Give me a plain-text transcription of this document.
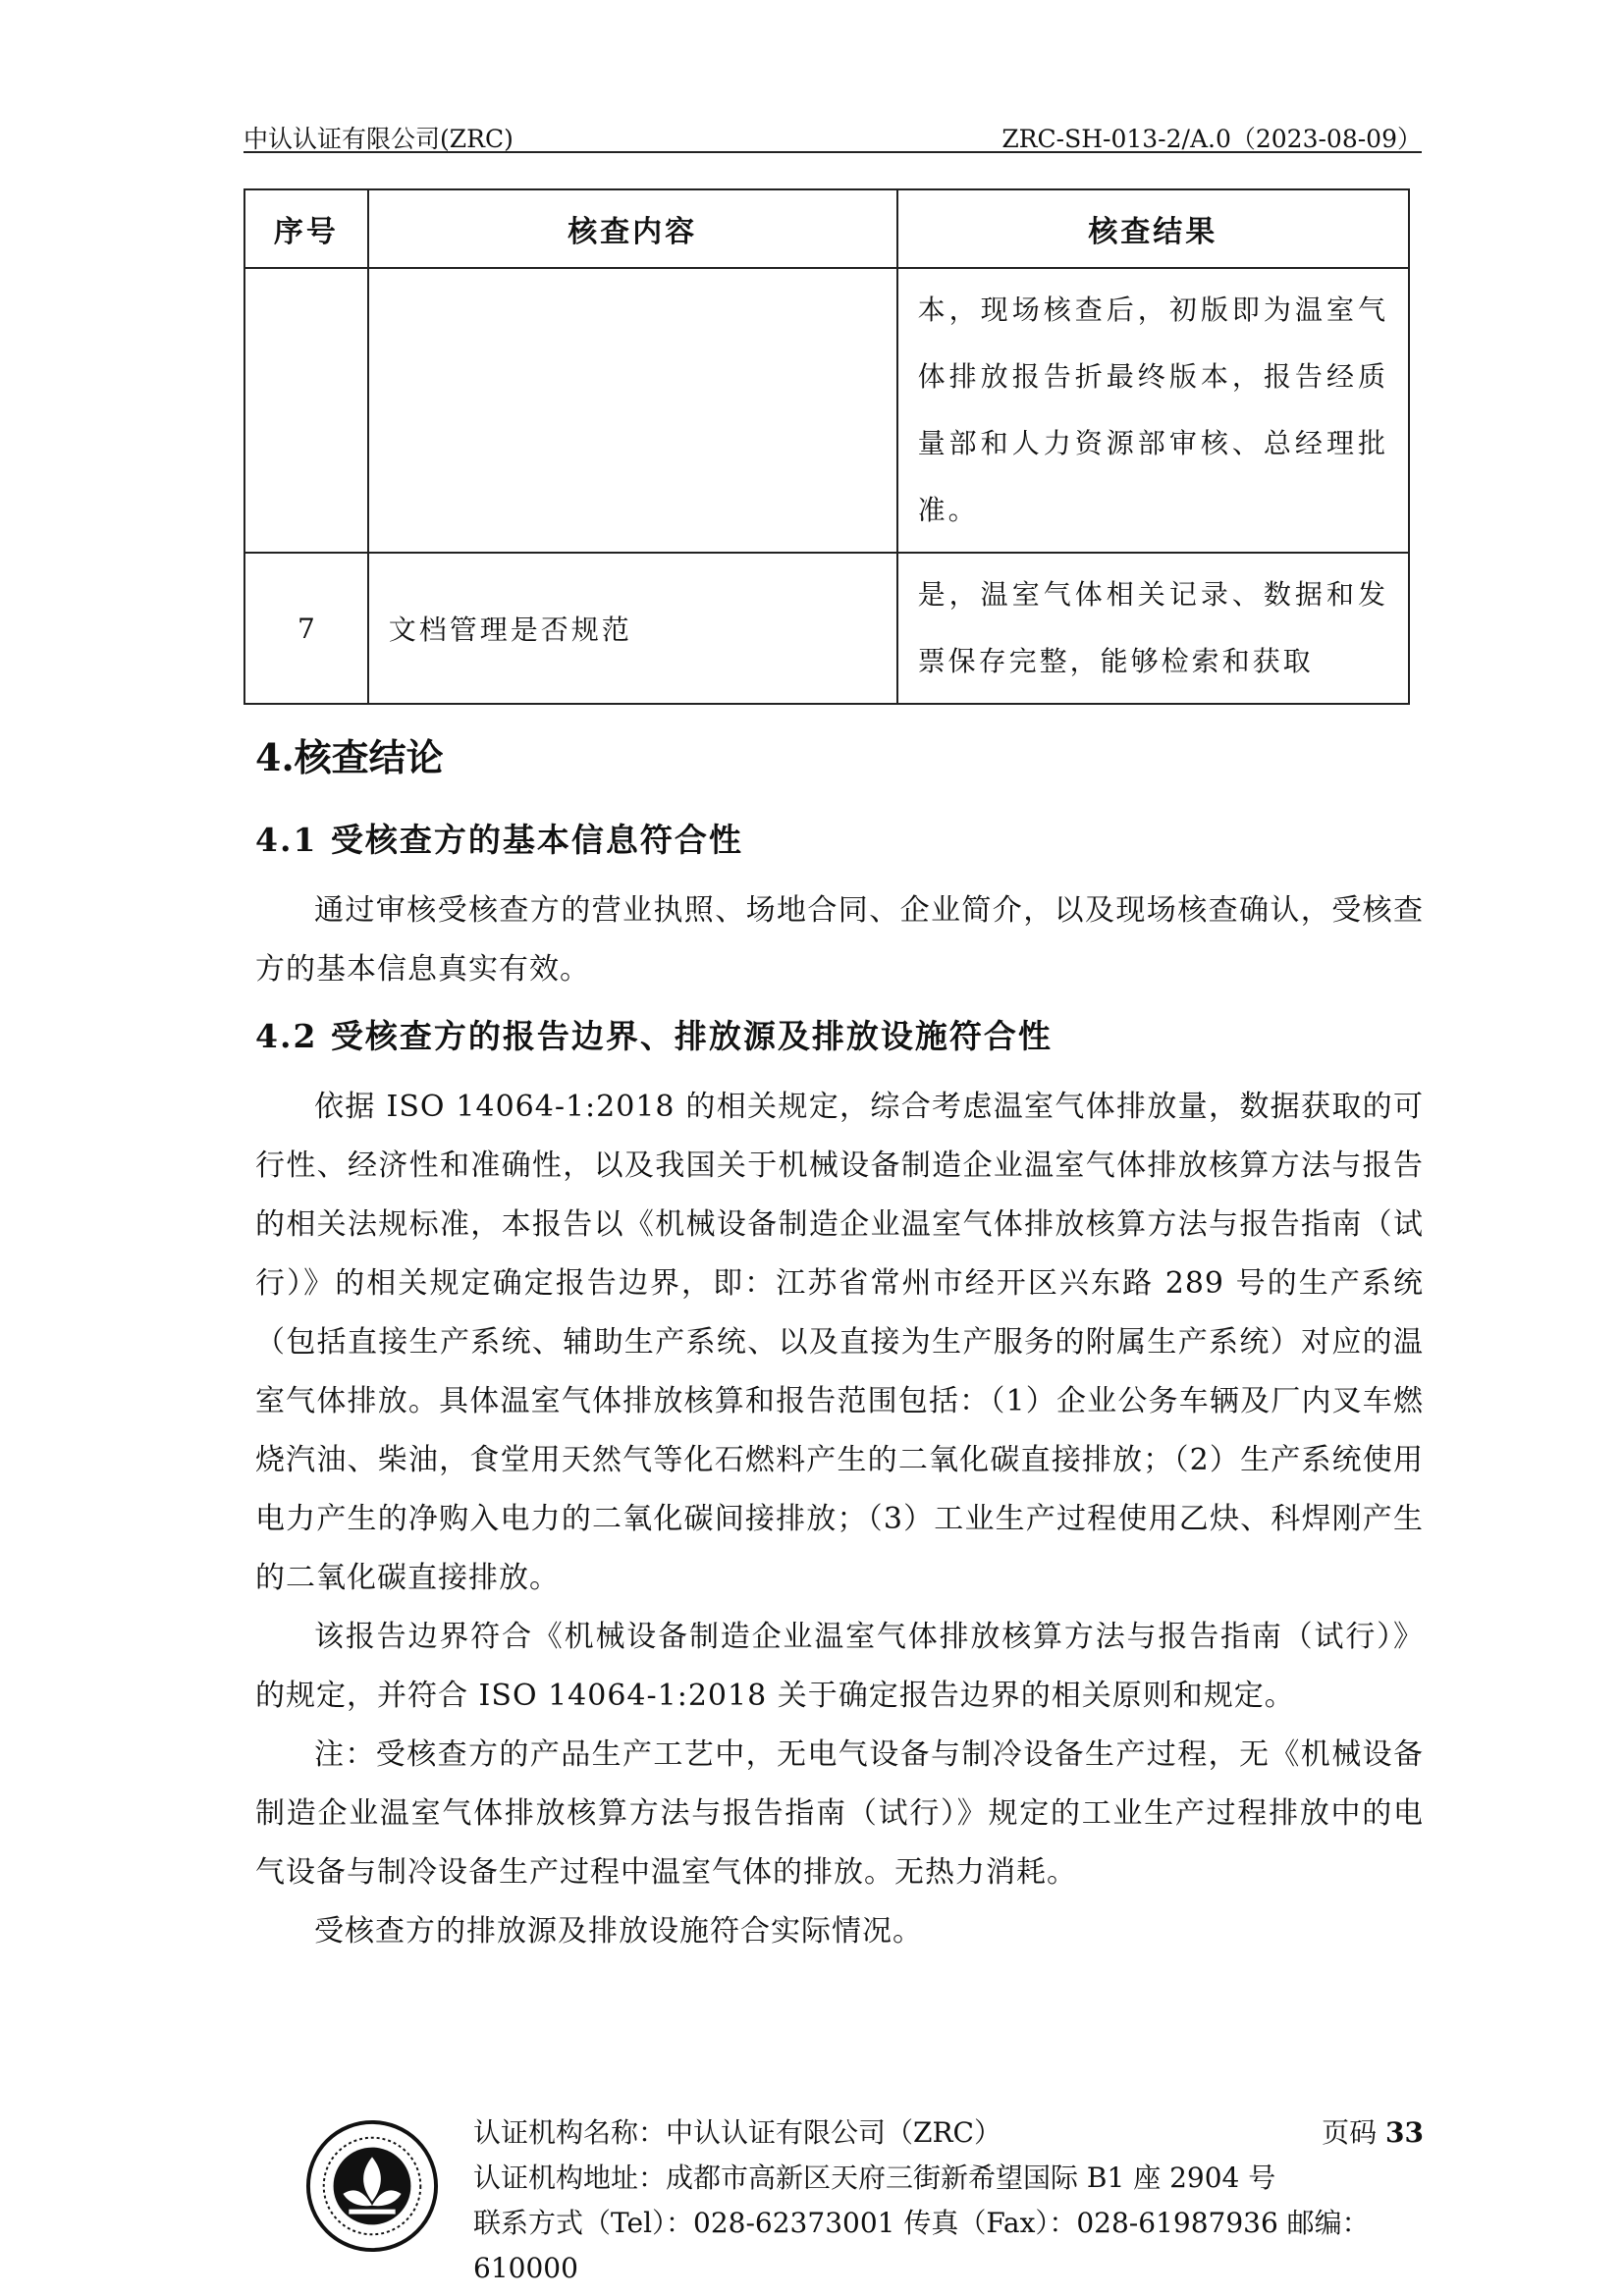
中认认证有限公司(ZRC)	ZRC-SH-013-2/A.0（2023-08-09）
序号	核查内容	核查结果
		本，现场核查后，初版即为温室气体排放报告折最终版本，报告经质量部和人力资源部审核、总经理批准。
7	文档管理是否规范	是，温室气体相关记录、数据和发票保存完整，能够检索和获取
4.核查结论
4.1 受核查方的基本信息符合性

通过审核受核查方的营业执照、场地合同、企业简介，以及现场核查确认，受核查方的基本信息真实有效。

4.2 受核查方的报告边界、排放源及排放设施符合性

依据 ISO 14064-1:2018 的相关规定，综合考虑温室气体排放量，数据获取的可行性、经济性和准确性，以及我国关于机械设备制造企业温室气体排放核算方法与报告的相关法规标准，本报告以《机械设备制造企业温室气体排放核算方法与报告指南（试行）》的相关规定确定报告边界，即：江苏省常州市经开区兴东路 289 号的生产系统（包括直接生产系统、辅助生产系统、以及直接为生产服务的附属生产系统）对应的温室气体排放。具体温室气体排放核算和报告范围包括：（1）企业公务车辆及厂内叉车燃烧汽油、柴油，食堂用天然气等化石燃料产生的二氧化碳直接排放；（2）生产系统使用电力产生的净购入电力的二氧化碳间接排放；（3）工业生产过程使用乙炔、科焊刚产生的二氧化碳直接排放。

该报告边界符合《机械设备制造企业温室气体排放核算方法与报告指南（试行）》的规定，并符合 ISO 14064-1:2018 关于确定报告边界的相关原则和规定。

注：受核查方的产品生产工艺中，无电气设备与制冷设备生产过程，无《机械设备制造企业温室气体排放核算方法与报告指南（试行）》规定的工业生产过程排放中的电气设备与制冷设备生产过程中温室气体的排放。无热力消耗。

受核查方的排放源及排放设施符合实际情况。

认证机构名称：中认认证有限公司（ZRC）
认证机构地址：成都市高新区天府三街新希望国际 B1 座 2904 号
联系方式（Tel）：028-62373001 传真（Fax）：028-61987936 邮编：610000
页码 33
